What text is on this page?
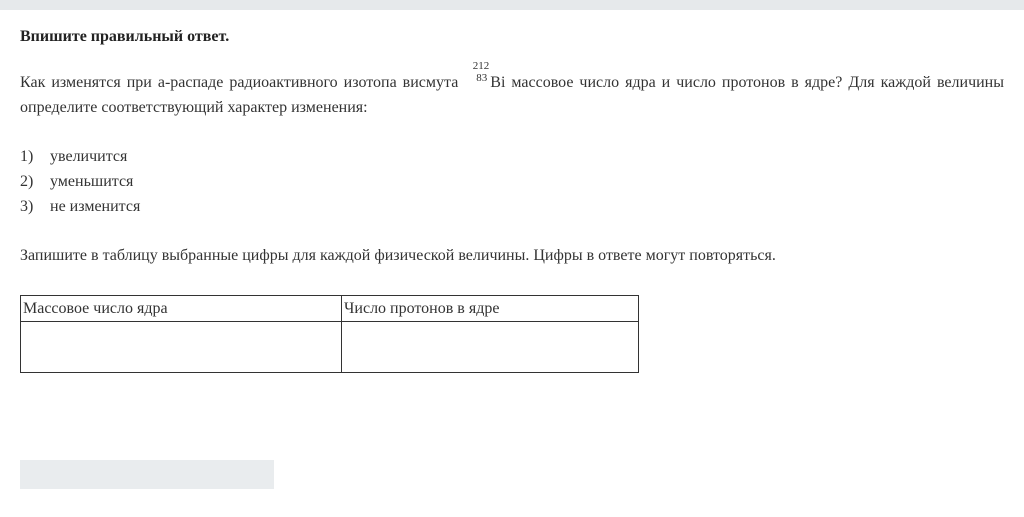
Впишите правильный ответ.

Как изменятся при а-распаде радиоактивного изотопа висмута
212
83 Bi массовое число ядра и число протонов в ядре? Для каждой величины определите соответствующий характер изменения:

1)	увеличится
2)	уменьшится
3)	не изменится

Запишите в таблицу выбранные цифры для каждой физической величины. Цифры в ответе могут повторяться.

Массовое число ядра	Число протонов в ядре
